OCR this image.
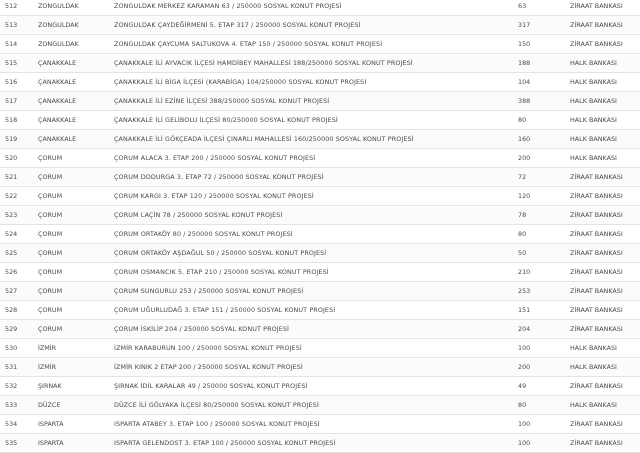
512	ZONGULDAK	ZONGULDAK MERKEZ KARAMAN 63 / 250000 SOSYAL KONUT PROJESİ	63	ZİRAAT BANKASI
513	ZONGULDAK	ZONGULDAK ÇAYDEĞİRMENİ 5. ETAP 317 / 250000 SOSYAL KONUT PROJESİ	317	ZİRAAT BANKASI
514	ZONGULDAK	ZONGULDAK ÇAYCUMA SALTUKOVA 4. ETAP 150 / 250000 SOSYAL KONUT PROJESİ	150	ZİRAAT BANKASI
515	ÇANAKKALE	ÇANAKKALE İLİ AYVACIK İLÇESİ HAMDİBEY MAHALLESİ 188/250000 SOSYAL KONUT PROJESİ	188	HALK BANKASI
516	ÇANAKKALE	ÇANAKKALE İLİ BİGA İLÇESİ (KARABİGA) 104/250000 SOSYAL KONUT PROJESİ	104	HALK BANKASI
517	ÇANAKKALE	ÇANAKKALE İLİ EZİNE İLÇESİ 388/250000 SOSYAL KONUT PROJESİ	388	HALK BANKASI
518	ÇANAKKALE	ÇANAKKALE İLİ GELİBOLU İLÇESİ 80/250000 SOSYAL KONUT PROJESİ	80	HALK BANKASI
519	ÇANAKKALE	ÇANAKKALE İLİ GÖKÇEADA İLÇESİ ÇINARLI MAHALLESİ 160/250000 SOSYAL KONUT PROJESİ	160	HALK BANKASI
520	ÇORUM	ÇORUM ALACA 3. ETAP 200 / 250000 SOSYAL KONUT PROJESİ	200	HALK BANKASI
521	ÇORUM	ÇORUM DODURGA 3. ETAP 72 / 250000 SOSYAL KONUT PROJESİ	72	ZİRAAT BANKASI
522	ÇORUM	ÇORUM KARGI 3. ETAP 120 / 250000 SOSYAL KONUT PROJESİ	120	ZİRAAT BANKASI
523	ÇORUM	ÇORUM LAÇİN 78 / 250000 SOSYAL KONUT PROJESİ	78	ZİRAAT BANKASI
524	ÇORUM	ÇORUM ORTAKÖY 80 / 250000 SOSYAL KONUT PROJESİ	80	ZİRAAT BANKASI
525	ÇORUM	ÇORUM ORTAKÖY AŞDAĞUL 50 / 250000 SOSYAL KONUT PROJESİ	50	ZİRAAT BANKASI
526	ÇORUM	ÇORUM OSMANCIK 5. ETAP 210 / 250000 SOSYAL KONUT PROJESİ	210	ZİRAAT BANKASI
527	ÇORUM	ÇORUM SUNGURLU 253 / 250000 SOSYAL KONUT PROJESİ	253	ZİRAAT BANKASI
528	ÇORUM	ÇORUM UĞURLUDAĞ 3. ETAP 151 / 250000 SOSYAL KONUT PROJESİ	151	ZİRAAT BANKASI
529	ÇORUM	ÇORUM İSKİLİP 204 / 250000 SOSYAL KONUT PROJESİ	204	ZİRAAT BANKASI
530	İZMİR	İZMİR KARABURUN 100 / 250000 SOSYAL KONUT PROJESİ	100	HALK BANKASI
531	İZMİR	İZMİR KINIK 2 ETAP 200 / 250000 SOSYAL KONUT PROJESİ	200	HALK BANKASI
532	ŞIRNAK	ŞIRNAK İDİL KARALAR 49 / 250000 SOSYAL KONUT PROJESİ	49	ZİRAAT BANKASI
533	DÜZCE	DÜZCE İLİ GÖLYAKA İLÇESİ 80/250000 SOSYAL KONUT PROJESİ	80	HALK BANKASI
534	ISPARTA	ISPARTA ATABEY 3. ETAP 100 / 250000 SOSYAL KONUT PROJESİ	100	ZİRAAT BANKASI
535	ISPARTA	ISPARTA GELENDOST 3. ETAP 100 / 250000 SOSYAL KONUT PROJESİ	100	ZİRAAT BANKASI
